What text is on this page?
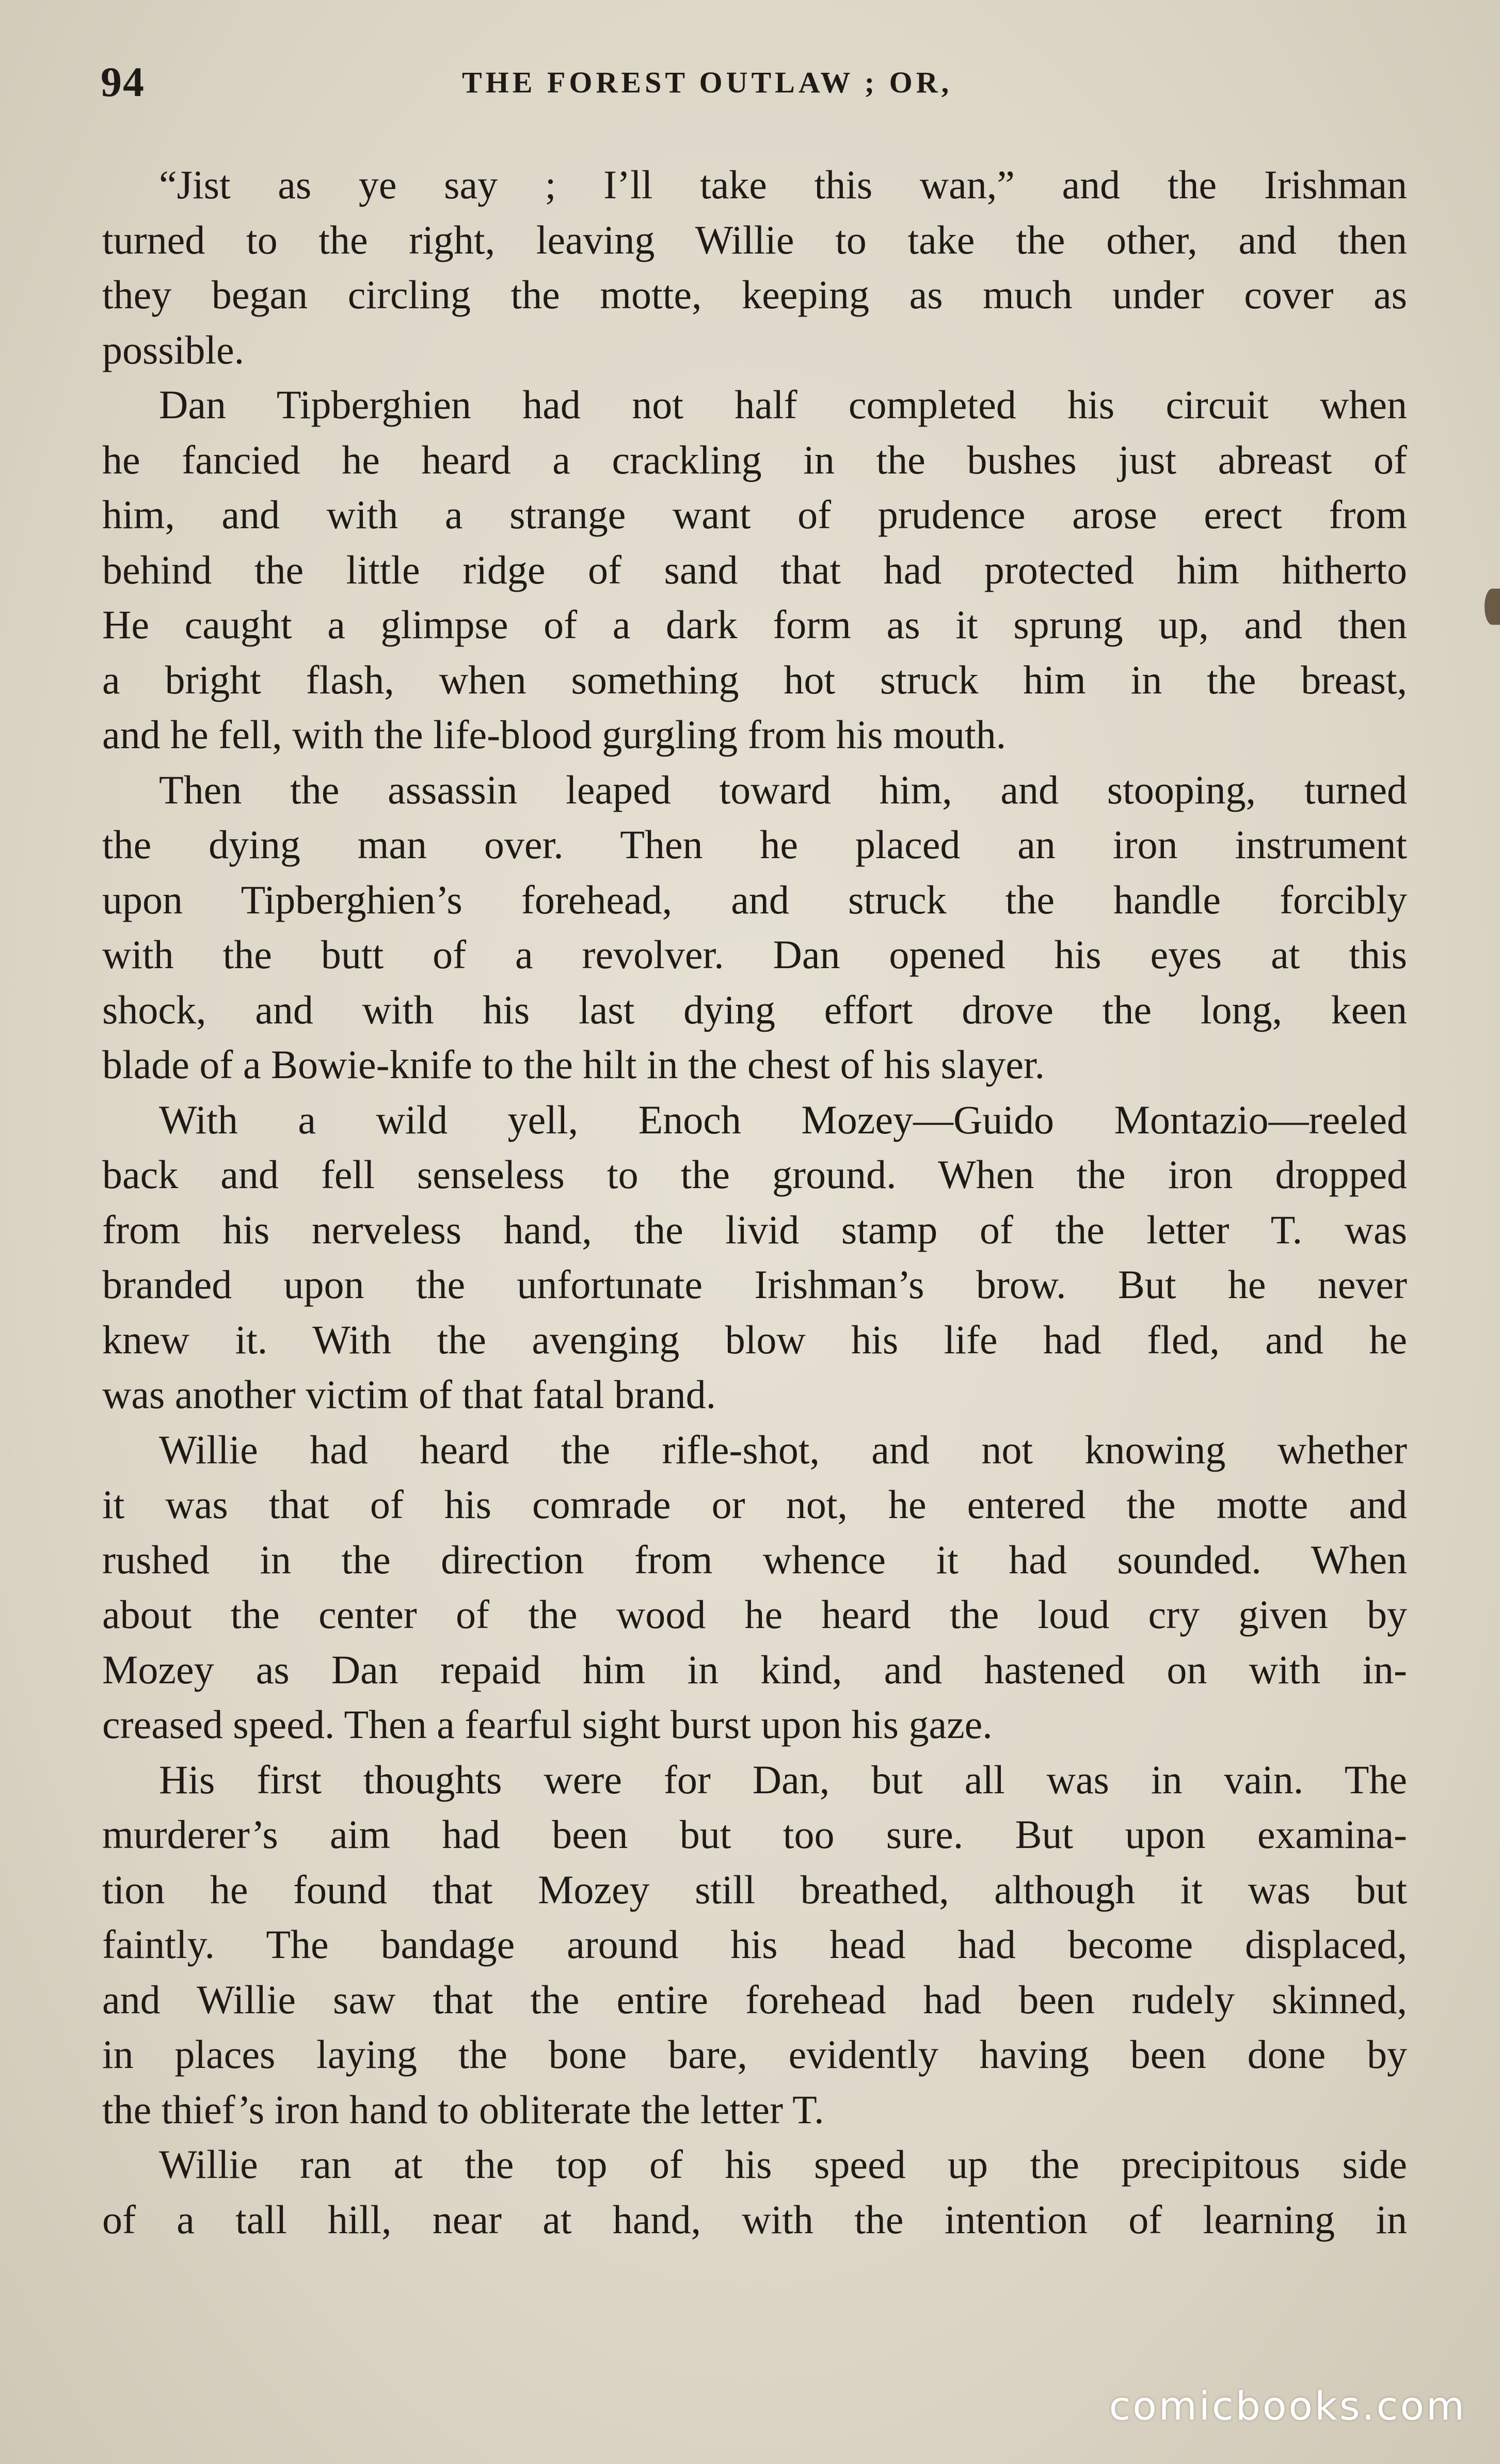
94	THE FOREST OUTLAW ; OR,
“Jist as ye say ; I’ll take this wan,” and the Irishman
turned to the right, leaving Willie to take the other, and then
they began circling the motte, keeping as much under cover as
possible.
Dan Tipberghien had not half completed his circuit when
he fancied he heard a crackling in the bushes just abreast of
him, and with a strange want of prudence arose erect from
behind the little ridge of sand that had protected him hitherto
He caught a glimpse of a dark form as it sprung up, and then
a bright flash, when something hot struck him in the breast,
and he fell, with the life-blood gurgling from his mouth.
Then the assassin leaped toward him, and stooping, turned
the dying man over. Then he placed an iron instrument
upon Tipberghien’s forehead, and struck the handle forcibly
with the butt of a revolver. Dan opened his eyes at this
shock, and with his last dying effort drove the long, keen
blade of a Bowie-knife to the hilt in the chest of his slayer.
With a wild yell, Enoch Mozey—Guido Montazio—reeled
back and fell senseless to the ground. When the iron dropped
from his nerveless hand, the livid stamp of the letter T. was
branded upon the unfortunate Irishman’s brow. But he never
knew it. With the avenging blow his life had fled, and he
was another victim of that fatal brand.
Willie had heard the rifle-shot, and not knowing whether
it was that of his comrade or not, he entered the motte and
rushed in the direction from whence it had sounded. When
about the center of the wood he heard the loud cry given by
Mozey as Dan repaid him in kind, and hastened on with in-
creased speed. Then a fearful sight burst upon his gaze.
His first thoughts were for Dan, but all was in vain. The
murderer’s aim had been but too sure. But upon examina-
tion he found that Mozey still breathed, although it was but
faintly. The bandage around his head had become displaced,
and Willie saw that the entire forehead had been rudely skinned,
in places laying the bone bare, evidently having been done by
the thief’s iron hand to obliterate the letter T.
Willie ran at the top of his speed up the precipitous side
of a tall hill, near at hand, with the intention of learning in
comicbooks.com
